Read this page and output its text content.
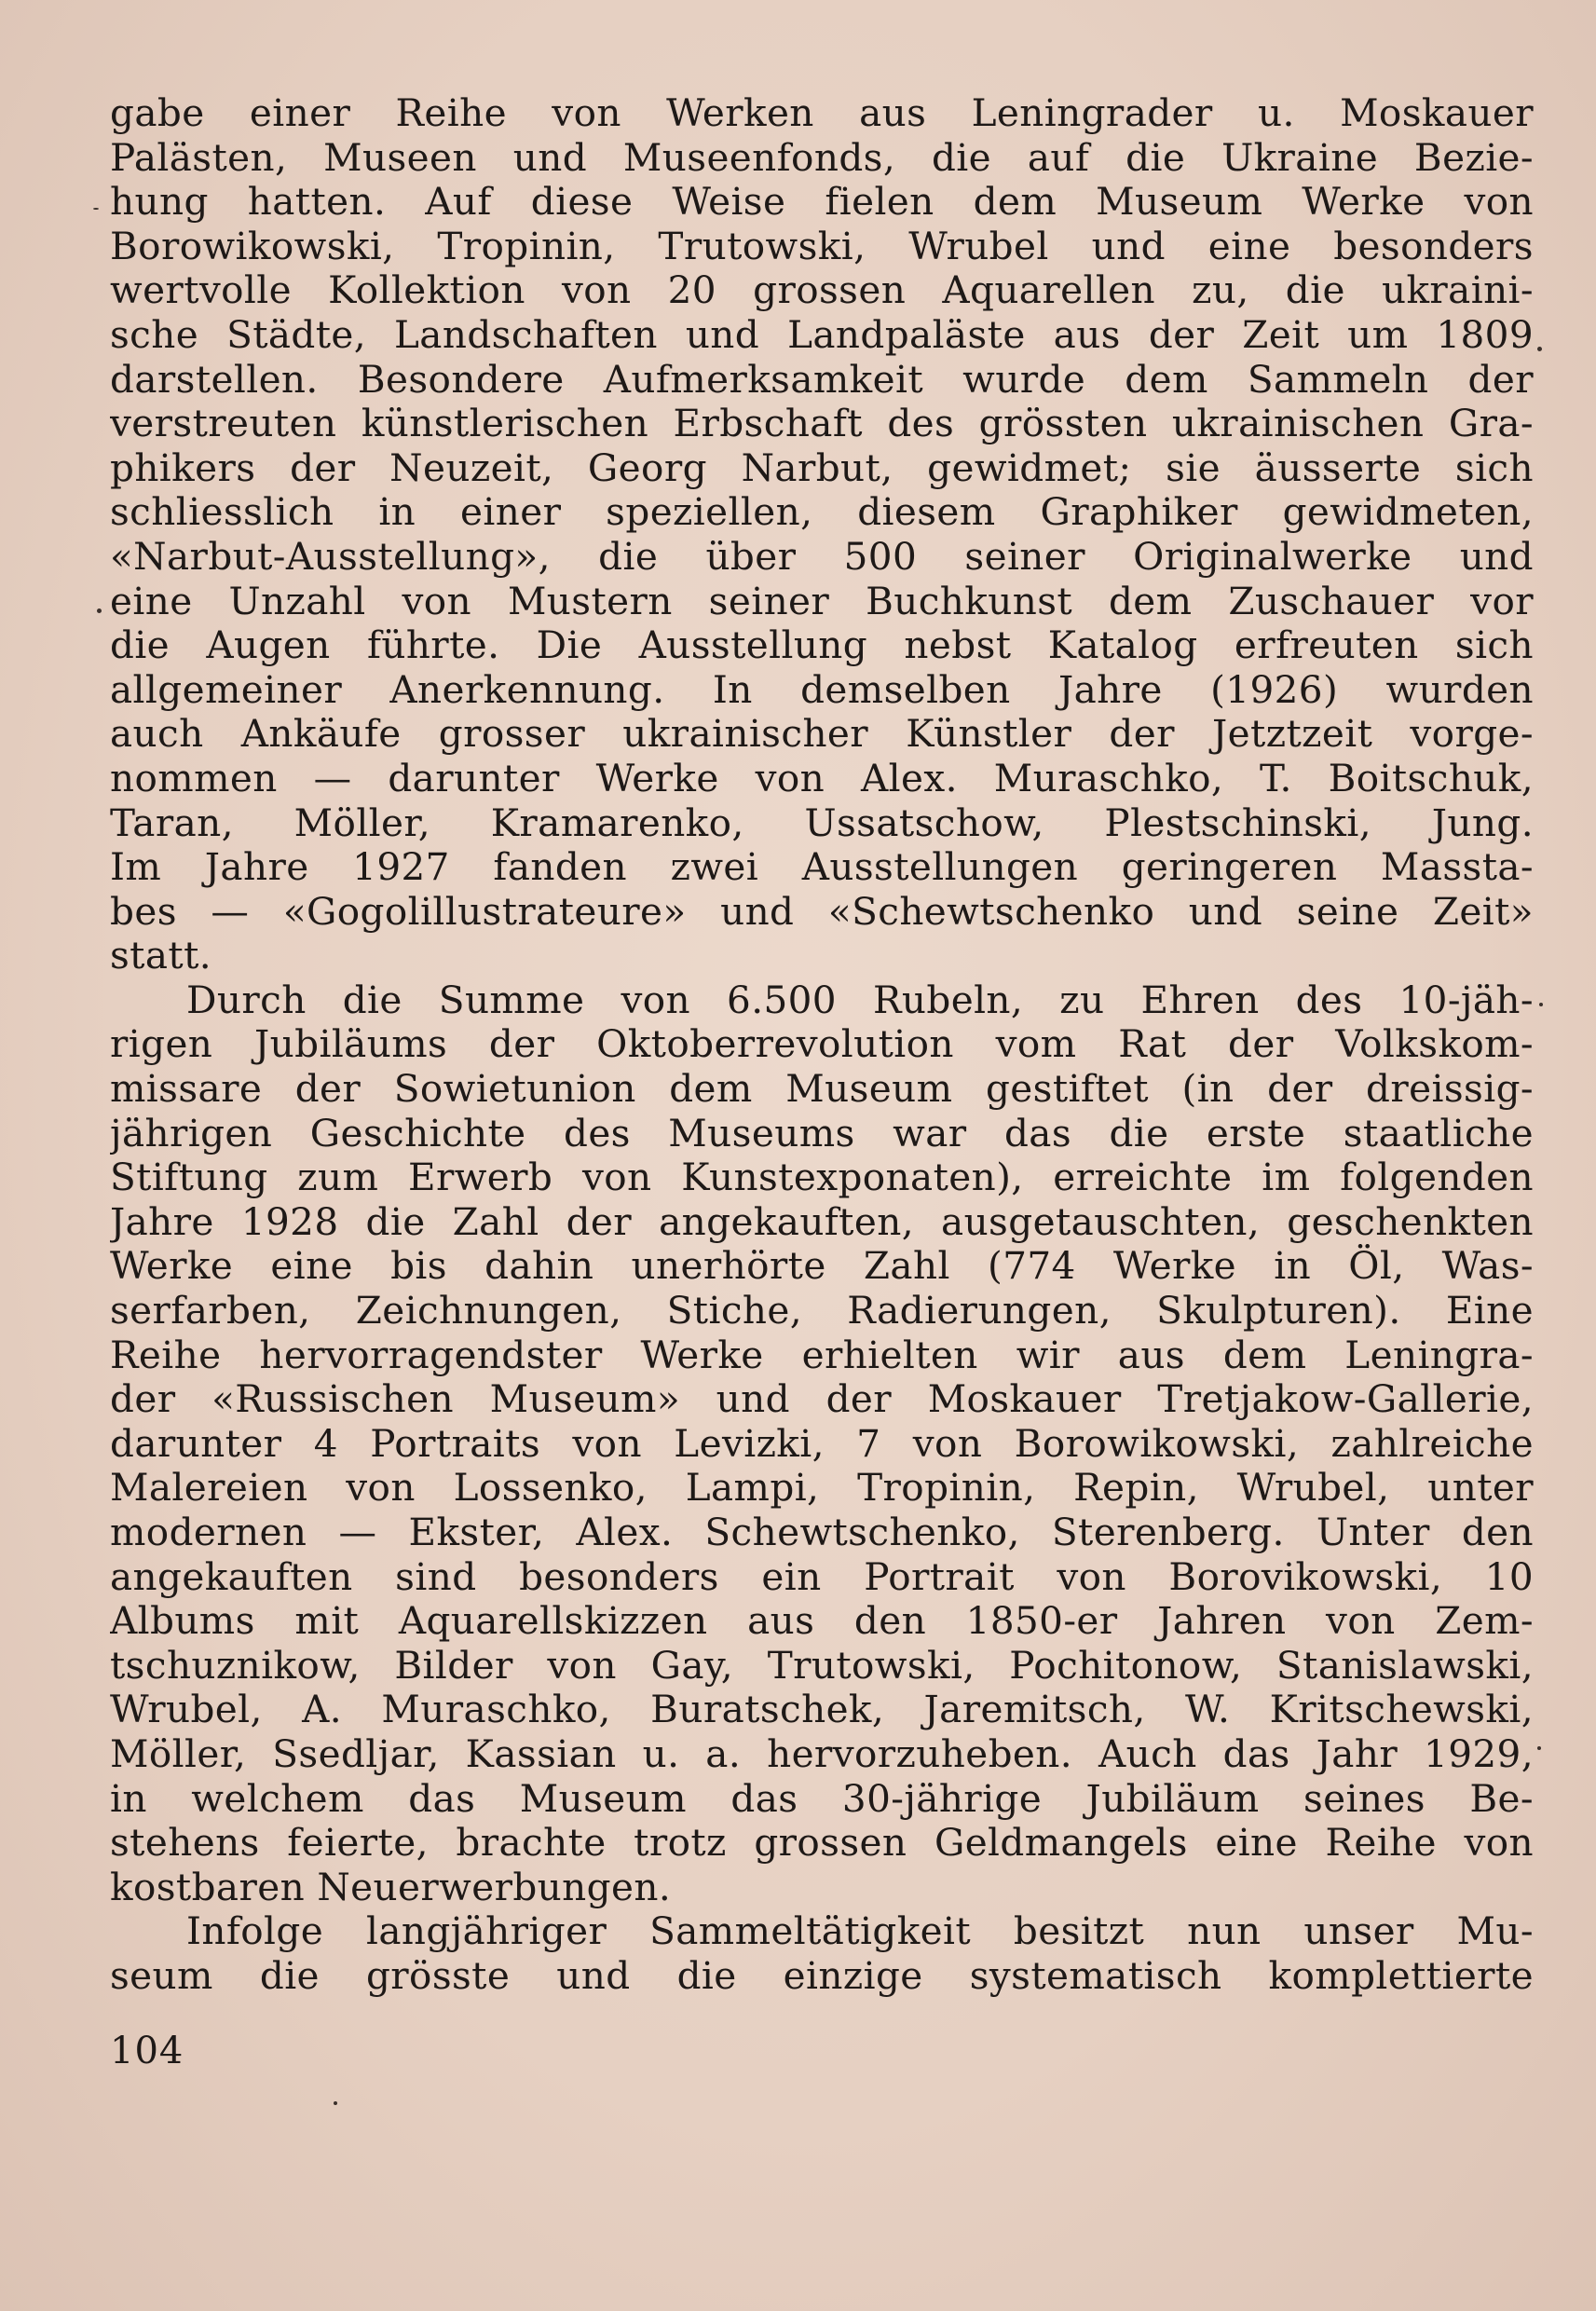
gabe einer Reihe von Werken aus Leningrader u. Moskauer
Palästen, Museen und Museenfonds, die auf die Ukraine Bezie-
hung hatten. Auf diese Weise fielen dem Museum Werke von
Borowikowski, Tropinin, Trutowski, Wrubel und eine besonders
wertvolle Kollektion von 20 grossen Aquarellen zu, die ukraini-
sche Städte, Landschaften und Landpaläste aus der Zeit um 1809
darstellen. Besondere Aufmerksamkeit wurde dem Sammeln der
verstreuten künstlerischen Erbschaft des grössten ukrainischen Gra-
phikers der Neuzeit, Georg Narbut, gewidmet; sie äusserte sich
schliesslich in einer speziellen, diesem Graphiker gewidmeten,
«Narbut-Ausstellung», die über 500 seiner Originalwerke und
eine Unzahl von Mustern seiner Buchkunst dem Zuschauer vor
die Augen führte. Die Ausstellung nebst Katalog erfreuten sich
allgemeiner Anerkennung. In demselben Jahre (1926) wurden
auch Ankäufe grosser ukrainischer Künstler der Jetztzeit vorge-
nommen — darunter Werke von Alex. Muraschko, T. Boitschuk,
Taran, Möller, Kramarenko, Ussatschow, Plestschinski, Jung.
Im Jahre 1927 fanden zwei Ausstellungen geringeren Massta-
bes — «Gogolillustrateure» und «Schewtschenko und seine Zeit»
statt.
Durch die Summe von 6.500 Rubeln, zu Ehren des 10-jäh-
rigen Jubiläums der Oktoberrevolution vom Rat der Volkskom-
missare der Sowietunion dem Museum gestiftet (in der dreissig-
jährigen Geschichte des Museums war das die erste staatliche
Stiftung zum Erwerb von Kunstexponaten), erreichte im folgenden
Jahre 1928 die Zahl der angekauften, ausgetauschten, geschenkten
Werke eine bis dahin unerhörte Zahl (774 Werke in Öl, Was-
serfarben, Zeichnungen, Stiche, Radierungen, Skulpturen). Eine
Reihe hervorragendster Werke erhielten wir aus dem Leningra-
der «Russischen Museum» und der Moskauer Tretjakow-Gallerie,
darunter 4 Portraits von Levizki, 7 von Borowikowski, zahlreiche
Malereien von Lossenko, Lampi, Tropinin, Repin, Wrubel, unter
modernen — Ekster, Alex. Schewtschenko, Sterenberg. Unter den
angekauften sind besonders ein Portrait von Borovikowski, 10
Albums mit Aquarellskizzen aus den 1850-er Jahren von Zem-
tschuznikow, Bilder von Gay, Trutowski, Pochitonow, Stanislawski,
Wrubel, A. Muraschko, Buratschek, Jaremitsch, W. Kritschewski,
Möller, Ssedljar, Kassian u. a. hervorzuheben. Auch das Jahr 1929,
in welchem das Museum das 30-jährige Jubiläum seines Be-
stehens feierte, brachte trotz grossen Geldmangels eine Reihe von
kostbaren Neuerwerbungen.
Infolge langjähriger Sammeltätigkeit besitzt nun unser Mu-
seum die grösste und die einzige systematisch komplettierte
104
